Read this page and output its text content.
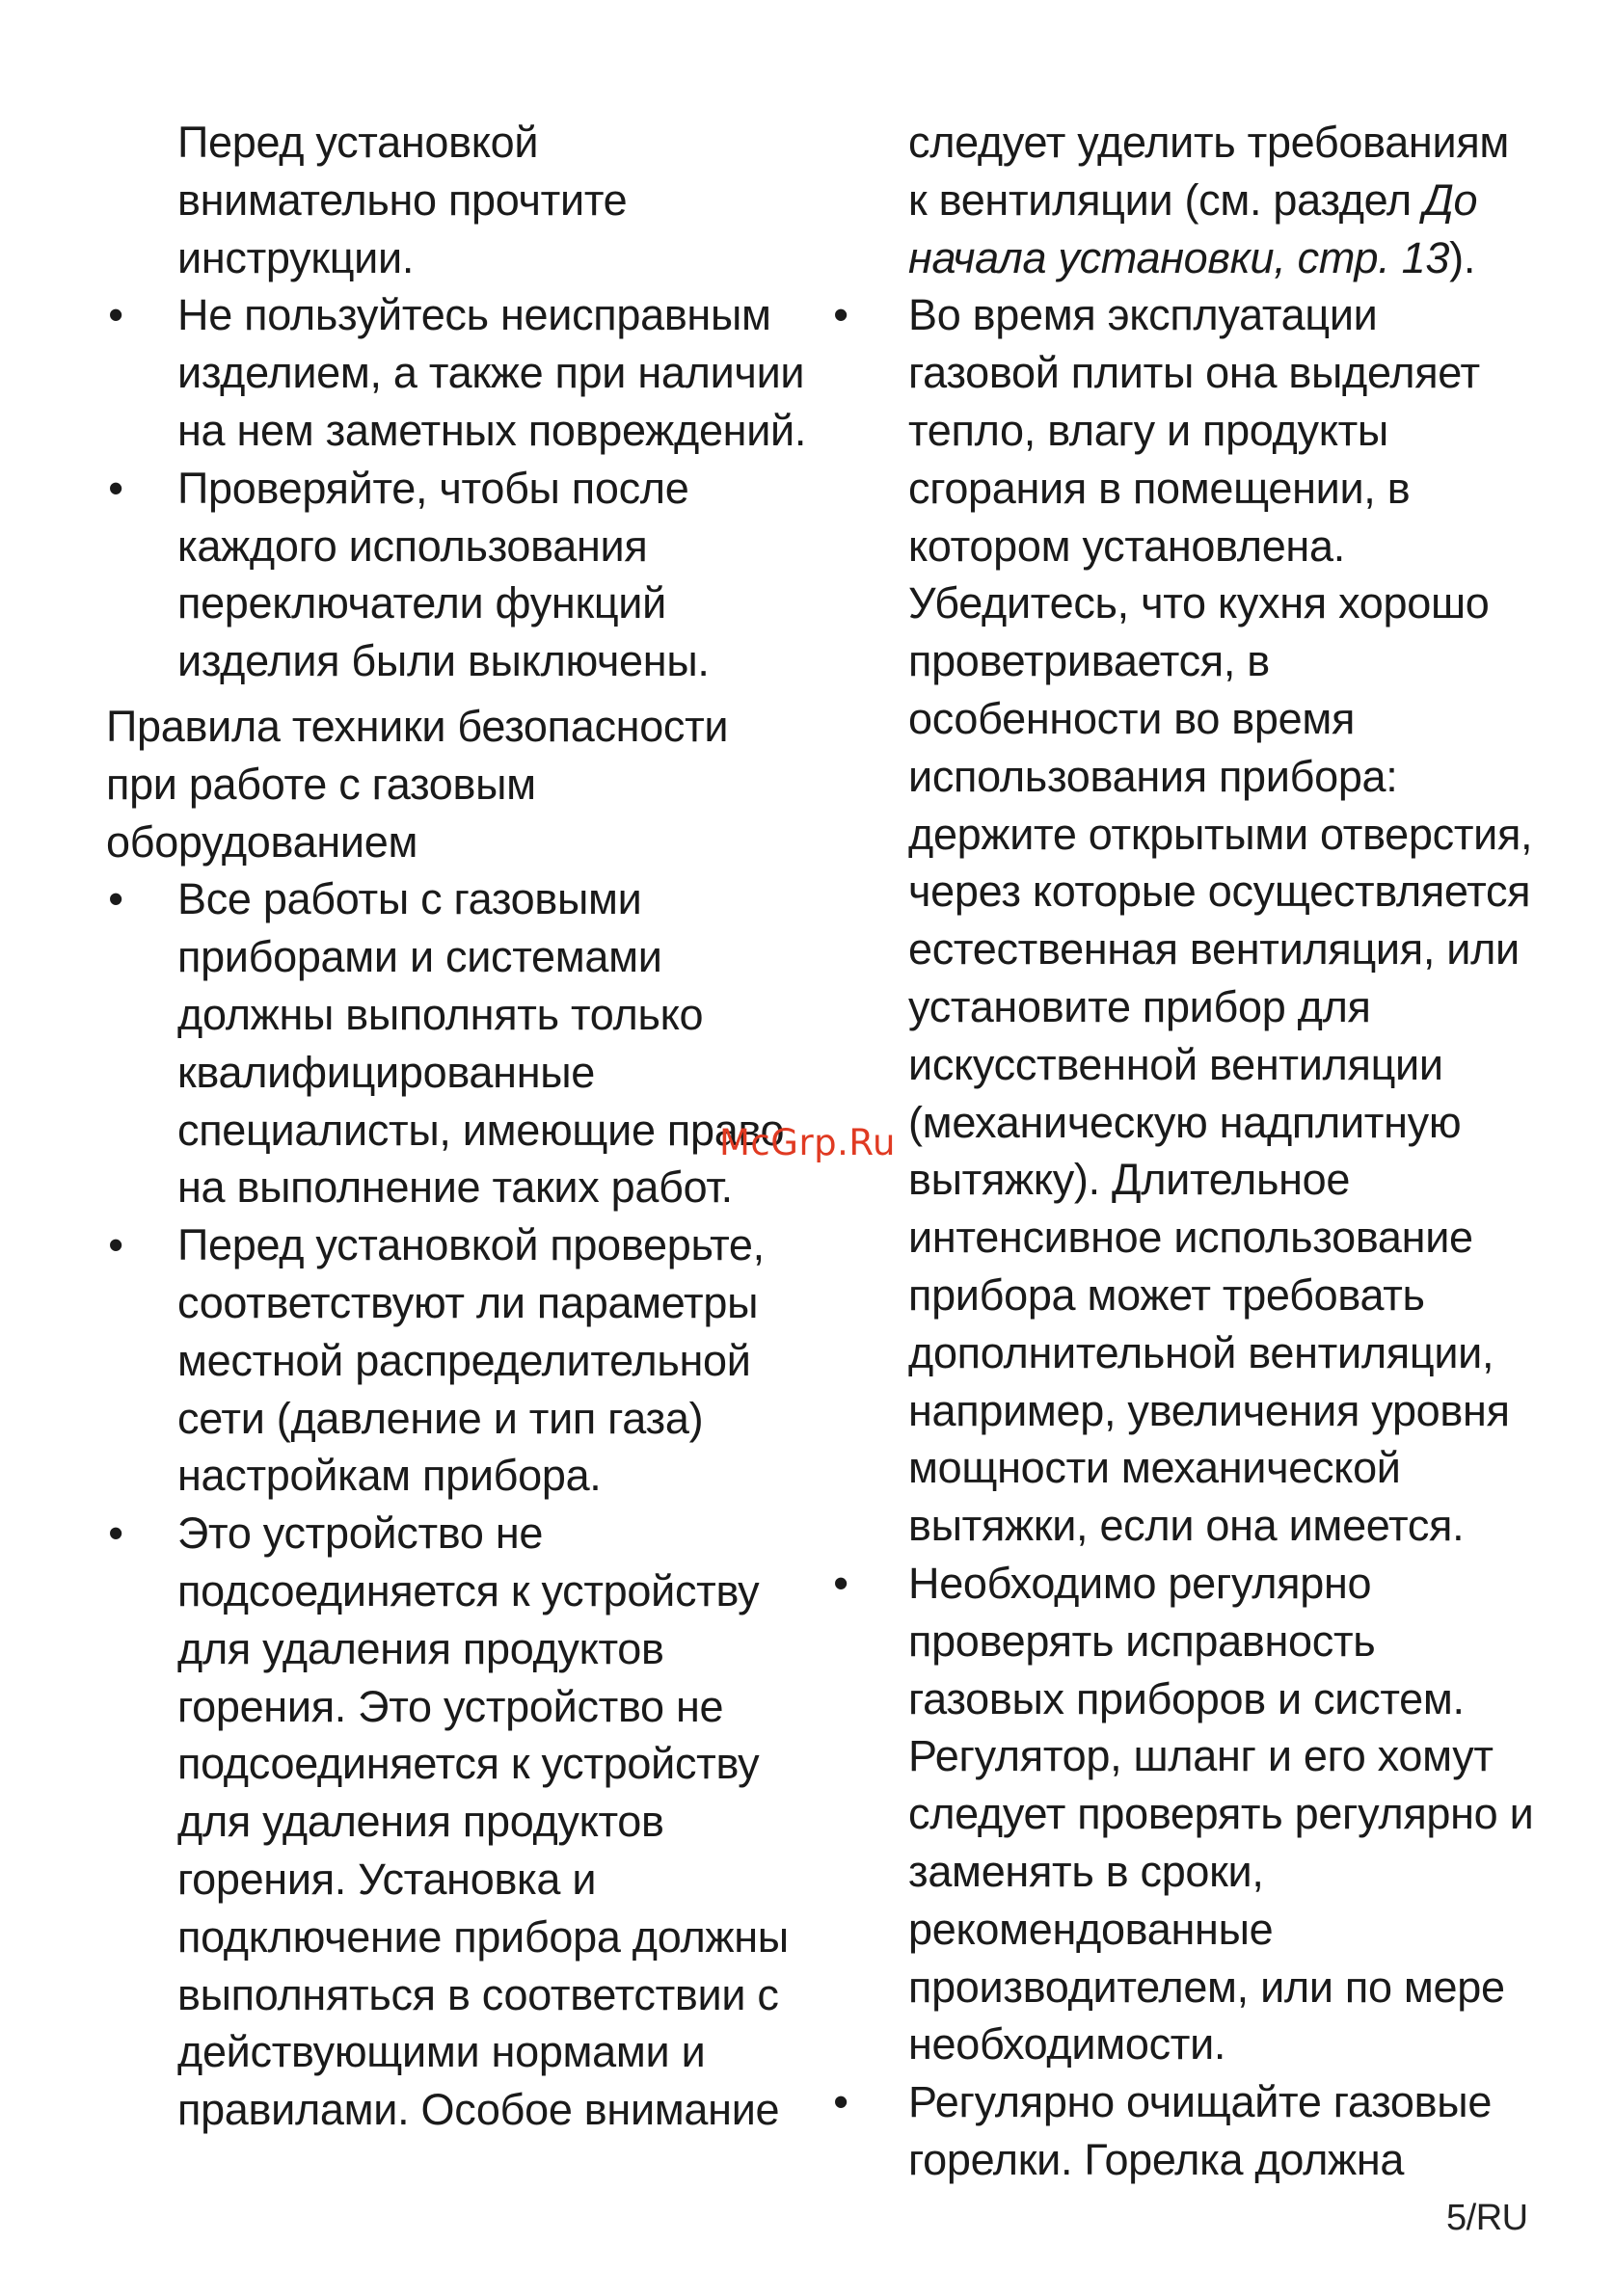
Перед установкой
внимательно прочтите
инструкции.
• Не пользуйтесь неисправным
изделием, а также при наличии
на нем заметных повреждений.
• Проверяйте, чтобы после
каждого использования
переключатели функций
изделия были выключены.
Правила техники безопасности
при работе с газовым
оборудованием
• Все работы с газовыми
приборами и системами
должны выполнять только
квалифицированные
специалисты, имеющие право
на выполнение таких работ.
• Перед установкой проверьте,
соответствуют ли параметры
местной распределительной
сети (давление и тип газа)
настройкам прибора.
• Это устройство не
подсоединяется к устройству
для удаления продуктов
горения. Это устройство не
подсоединяется к устройству
для удаления продуктов
горения. Установка и
подключение прибора должны
выполняться в соответствии с
действующими нормами и
правилами. Особое внимание
следует уделить требованиям
к вентиляции (см. раздел До
начала установки, стр. 13).
• Во время эксплуатации
газовой плиты она выделяет
тепло, влагу и продукты
сгорания в помещении, в
котором установлена.
Убедитесь, что кухня хорошо
проветривается, в
особенности во время
использования прибора:
держите открытыми отверстия,
через которые осуществляется
естественная вентиляция, или
установите прибор для
искусственной вентиляции
(механическую надплитную
вытяжку). Длительное
интенсивное использование
прибора может требовать
дополнительной вентиляции,
например, увеличения уровня
мощности механической
вытяжки, если она имеется.
• Необходимо регулярно
проверять исправность
газовых приборов и систем.
Регулятор, шланг и его хомут
следует проверять регулярно и
заменять в сроки,
рекомендованные
производителем, или по мере
необходимости.
• Регулярно очищайте газовые
горелки. Горелка должна
McGrp.Ru
5/RU
